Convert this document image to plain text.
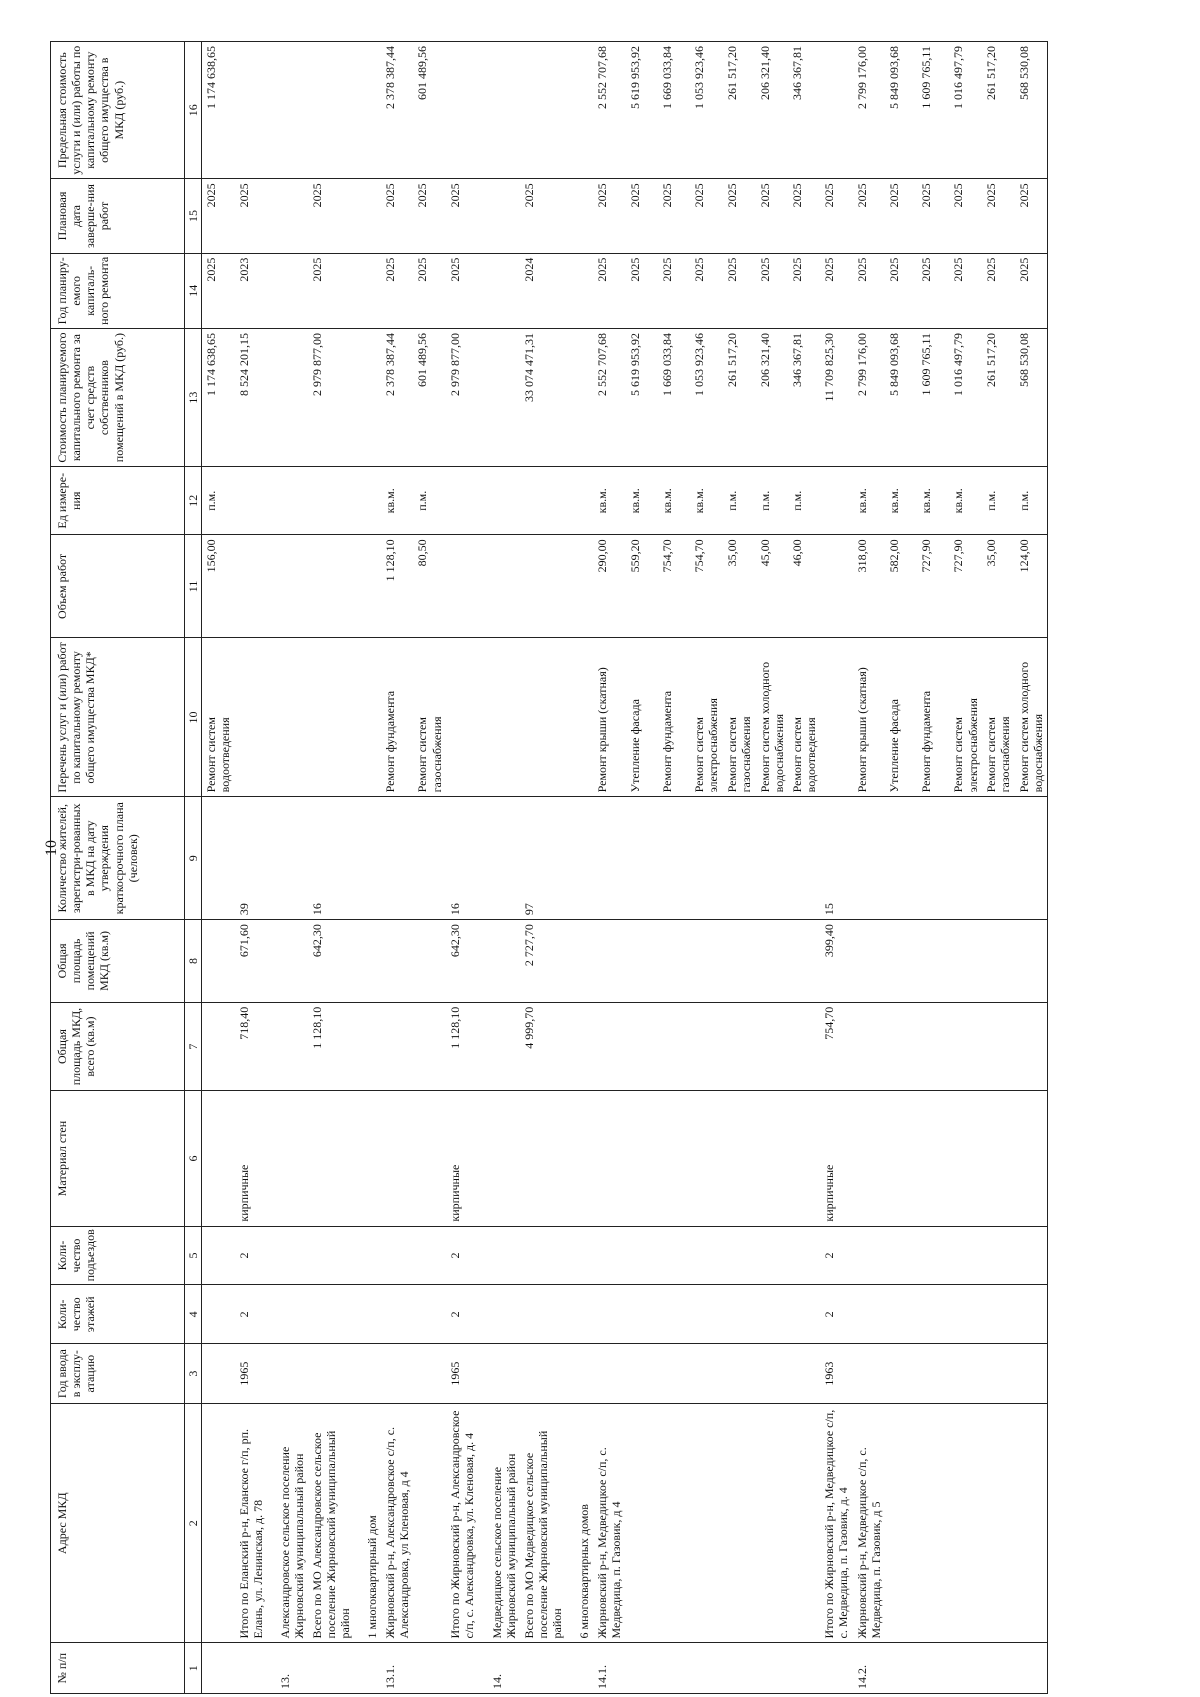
10
№ п/п	Адрес МКД	Год ввода в эксплу-атацию	Коли-чество этажей	Коли-чество подъездов	Материал стен	Общая площадь МКД, всего (кв.м)	Общая площадь помещений МКД (кв.м)	Количество жителей, зарегистри-рованных в МКД на дату утверждения краткосрочного плана (человек)	Перечень услуг и (или) работ по капитальному ремонту общего имущества МКД*	Объем работ	Ед измере-ния	Стоимость планируемого капитального ремонта за счет средств собственников помещений в МКД (руб.)	Год планиру-емого капиталь-ного ремонта	Плановая дата заверше-ния работ	Предельная стоимость услуги и (или) работы по капитальному ремонту общего имущества в МКД (руб.)
1	2	3	4	5	6	7	8	9	10	11	12	13	14	15	16
									Ремонт систем водоотведения	156,00	п.м.	1 174 638,65	2025	2025	1 174 638,65
	Итого по Еланский р-н, Еланское г/п, рп. Елань, ул. Ленинская, д. 78	1965	2	2	кирпичные	718,40	671,60	39				8 524 201,15	2023	2025	
13.	Александровское сельское поселение Жирновский муниципальный район														
	Всего по МО Александровское сельское поселение Жирновский муниципальный район					1 128,10	642,30	16				2 979 877,00	2025	2025	
	1 многоквартирный дом														
13.1.	Жирновский р-н, Александровское с/п, с. Александровка, ул Кленовая, д 4								Ремонт фундамента	1 128,10	кв.м.	2 378 387,44	2025	2025	2 378 387,44
									Ремонт систем газоснабжения	80,50	п.м.	601 489,56	2025	2025	601 489,56
	Итого по Жирновский р-н, Александровское с/п, с. Александровка, ул. Кленовая, д. 4	1965	2	2	кирпичные	1 128,10	642,30	16				2 979 877,00	2025	2025	
14.	Медведицкое сельское поселение Жирновский муниципальный район														
	Всего по МО Медведицкое сельское поселение Жирновский муниципальный район					4 999,70	2 727,70	97				33 074 471,31	2024	2025	
	6 многоквартирных домов														
14.1.	Жирновский р-н, Медведицкое с/п, с. Медведица, п. Газовик, д 4								Ремонт крыши (скатная)	290,00	кв.м.	2 552 707,68	2025	2025	2 552 707,68
									Утепление фасада	559,20	кв.м.	5 619 953,92	2025	2025	5 619 953,92
									Ремонт фундамента	754,70	кв.м.	1 669 033,84	2025	2025	1 669 033,84
									Ремонт систем электроснабжения	754,70	кв.м.	1 053 923,46	2025	2025	1 053 923,46
									Ремонт систем газоснабжения	35,00	п.м.	261 517,20	2025	2025	261 517,20
									Ремонт систем холодного водоснабжения	45,00	п.м.	206 321,40	2025	2025	206 321,40
									Ремонт систем водоотведения	46,00	п.м.	346 367,81	2025	2025	346 367,81
	Итого по Жирновский р-н, Медведицкое с/п, с. Медведица, п. Газовик, д. 4	1963	2	2	кирпичные	754,70	399,40	15				11 709 825,30	2025	2025	
14.2.	Жирновский р-н, Медведицкое с/п, с. Медведица, п. Газовик, д 5								Ремонт крыши (скатная)	318,00	кв.м.	2 799 176,00	2025	2025	2 799 176,00
									Утепление фасада	582,00	кв.м.	5 849 093,68	2025	2025	5 849 093,68
									Ремонт фундамента	727,90	кв.м.	1 609 765,11	2025	2025	1 609 765,11
									Ремонт систем электроснабжения	727,90	кв.м.	1 016 497,79	2025	2025	1 016 497,79
									Ремонт систем газоснабжения	35,00	п.м.	261 517,20	2025	2025	261 517,20
									Ремонт систем холодного водоснабжения	124,00	п.м.	568 530,08	2025	2025	568 530,08
